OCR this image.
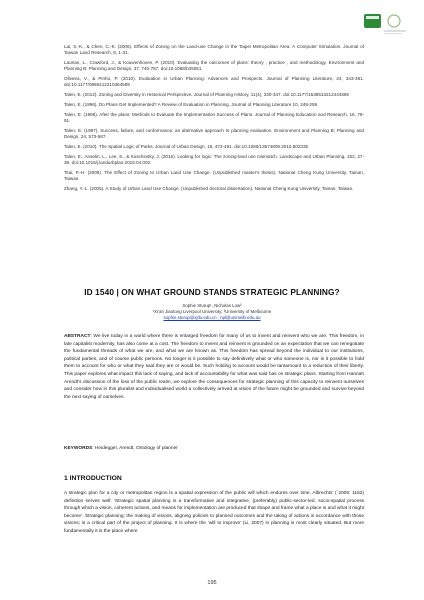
Lai, S.-K., & Chen, C.-K. (2006). Effects of Zoning on the Land-use Change in the Taipei Metropolitan Area: A Computer Simulation. Journal of Taiwan Land Research, 9, 1-31.

Laurian, L., Crawford, J., & Kouwenhoven, P. (2010). Evaluating the outcomes of plans: theory , practice , and methodology. Environment and Planning B: Planning and Design, 37, 740-757. doi:10.1068/b35051

Oliveira, V., & Pinho, P. (2010). Evaluation in Urban Planning: Advances and Prospects. Journal of Planning Literature, 24, 343-361. doi:10.1177/0885412210364589

Talen, E. (2012). Zoning and Diversity in Historical Perspective. Journal of Planning History, 11(4), 330-347. doi:10.1177/1538513212444566

Talen, E. (1996). Do Plans Get Implemented? A Review of Evaluation in Planning. Journal of Planning Literature 10, 248-259.

Talen, E. (1996). After the plans: Methods to Evaluate the Implementation Success of Plans. Journal of Planning Education and Research, 16, 79-91.

Talen, E. (1997). Success, failure, and conformance: an alternative approach to planning evaluation. Environment and Planning B: Planning and Design, 24, 573-587.

Talen, E. (2010). The Spatial Logic of Parks. Journal of Urban Design, 15, 473-491. doi:10.1080/13574809.2010.502335

Talen, E., Anselin, L., Lee, S., & Koschinsky, J. (2016). Looking for logic: The zoning-land use mismatch. Landscape and Urban Planning, 152, 27-38. doi:10.1016/j.landurbplan.2016.04.002

Tsai, P.-H. (2009). The Effect of Zoning to Urban Land Use Change. (Unpublished master's thesis). National Cheng Kung University, Tainan, Taiwan.

Zhang, Y.-L. (2005). A Study of Urban Land Use Change. (Unpublished doctoral dissertation), National Cheng Kung University, Tainan, Taiwan.

ID 1540 | ON WHAT GROUND STANDS STRATEGIC PLANNING?
Sophie Sturup¹, Nicholas Low²
¹Xi’an Jiaotong Liverpool University; ²University of Melbourne
sophie.sturup@xjtlu.edu.cn ; npl@unimelb.edu.au

ABSTRACT: We live today in a world where there is enlarged freedom for many of us to invent and reinvent who we are. This freedom, in late capitalist modernity, has also come at a cost. The freedom to invent and reinvent is grounded on an expectation that we can renegotiate the fundamental threads of what we are, and what we are known as. This freedom has spread beyond the individual to our institutions, political parties, and of course public persons. No longer is it possible to say definitively what or who someone is, nor is it possible to hold them to account for who or what they said they are or would be. Such holding to account would be tantamount to a reduction of their liberty. This paper explores what impact this lack of saying, and lack of accountability for what was said has on strategic plans. Starting from Hannah Arendt’s discussion of the loss of the public realm, we explore the consequences for strategic planning of this capacity to reinvent ourselves and consider how in this pluralist and individualised world a collectively arrived at vision of the future might be grounded and survive beyond the next saying of ourselves.

KEYWORDS: Heidegger, Arendt, Ontology of planner

1 INTRODUCTION

A strategic plan for a city or metropolitan region is a spatial expression of the public will which endures over time. Albrechts’ ( 2006: 1152) definition serves well: ‘Strategic spatial planning is a transformative and integrative, (preferably) public-sector-led, socio-spatial process through which a vision, coherent actions, and means for implementation are produced that shape and frame what a place is and what it might become’. Strategic planning: the making of visions, aligning policies to planned outcomes and the taking of actions in accordance with those visions; is a critical part of the project of planning. It is where the ‘will to improve’ (Li, 2007) in planning is most clearly situated. But more fundamentally it is the place where

195
